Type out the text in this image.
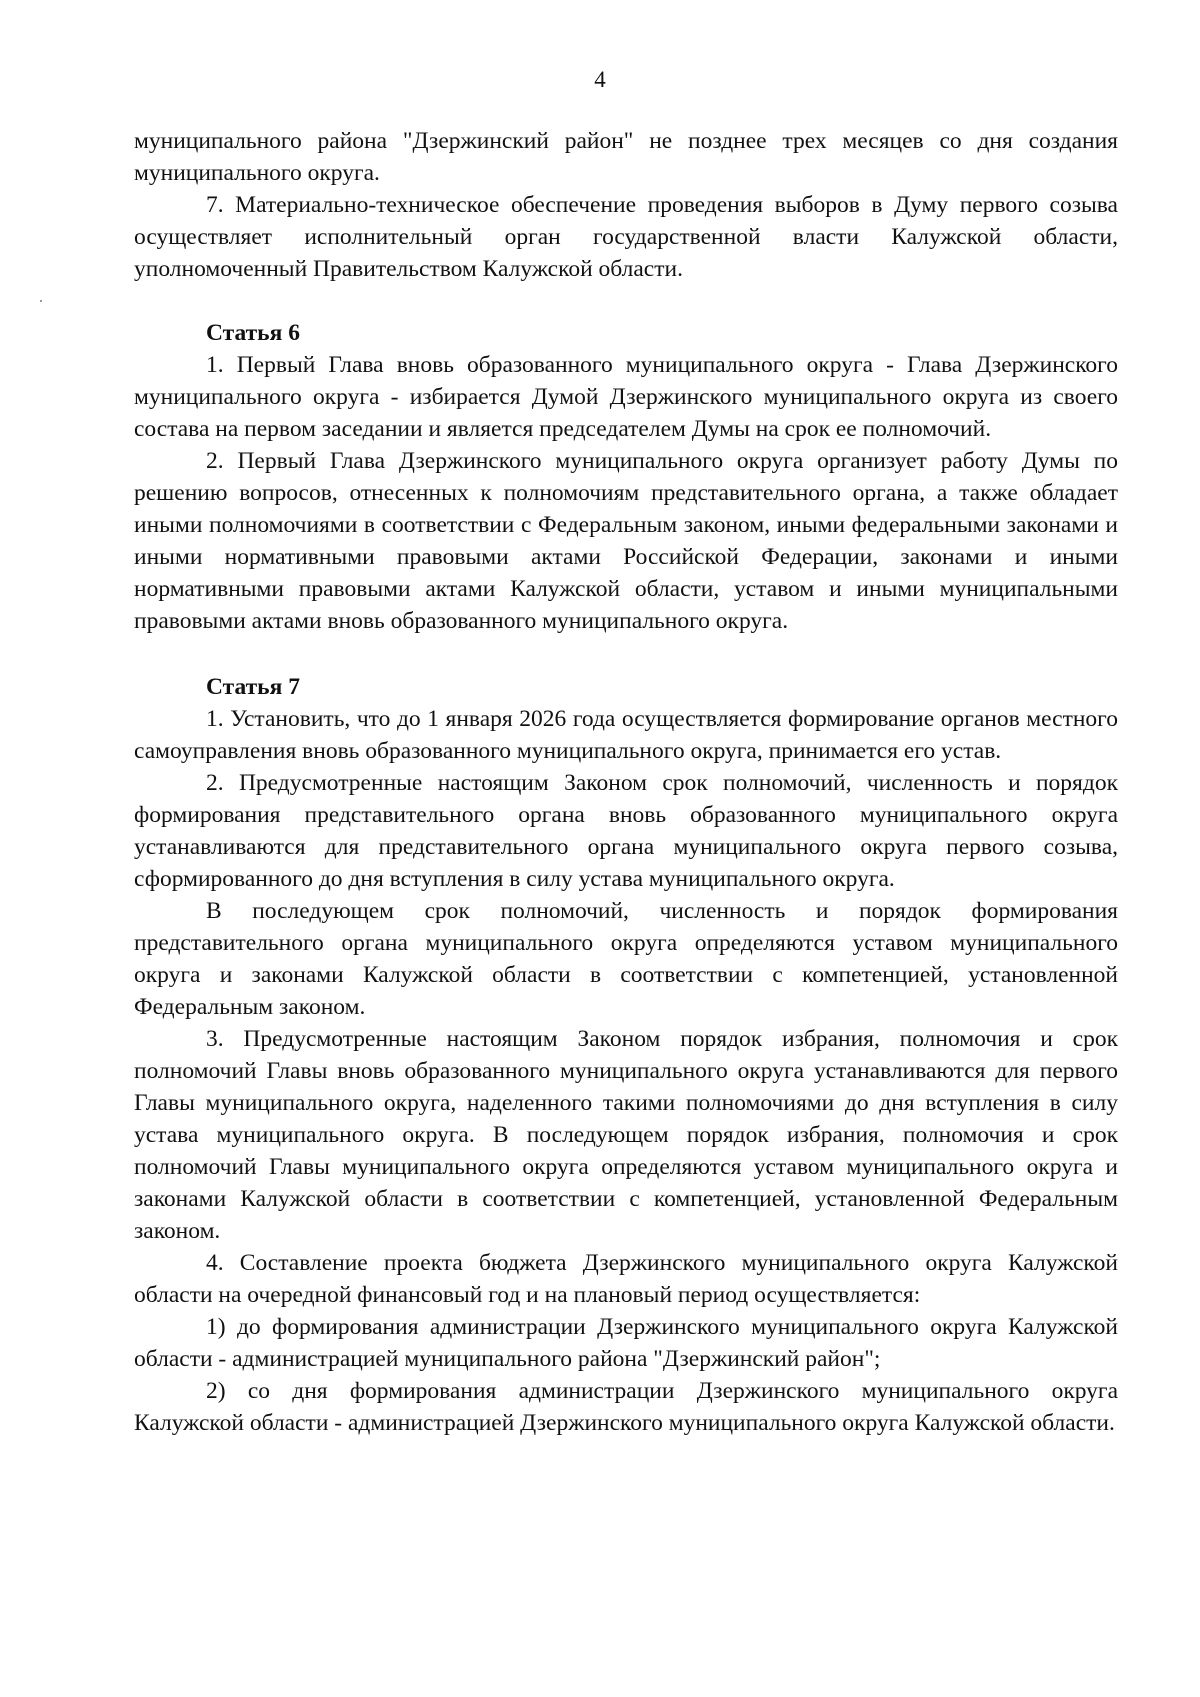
4

муниципального района "Дзержинский район" не позднее трех месяцев со дня создания муниципального округа.

7. Материально-техническое обеспечение проведения выборов в Думу первого созыва осуществляет исполнительный орган государственной власти Калужской области, уполномоченный Правительством Калужской области.

Статья 6

1. Первый Глава вновь образованного муниципального округа - Глава Дзержинского муниципального округа - избирается Думой Дзержинского муниципального округа из своего состава на первом заседании и является председателем Думы на срок ее полномочий.

2. Первый Глава Дзержинского муниципального округа организует работу Думы по решению вопросов, отнесенных к полномочиям представительного органа, а также обладает иными полномочиями в соответствии с Федеральным законом, иными федеральными законами и иными нормативными правовыми актами Российской Федерации, законами и иными нормативными правовыми актами Калужской области, уставом и иными муниципальными правовыми актами вновь образованного муниципального округа.

Статья 7

1. Установить, что до 1 января 2026 года осуществляется формирование органов местного самоуправления вновь образованного муниципального округа, принимается его устав.

2. Предусмотренные настоящим Законом срок полномочий, численность и порядок формирования представительного органа вновь образованного муниципального округа устанавливаются для представительного органа муниципального округа первого созыва, сформированного до дня вступления в силу устава муниципального округа.

В последующем срок полномочий, численность и порядок формирования представительного органа муниципального округа определяются уставом муниципального округа и законами Калужской области в соответствии с компетенцией, установленной Федеральным законом.

3. Предусмотренные настоящим Законом порядок избрания, полномочия и срок полномочий Главы вновь образованного муниципального округа устанавливаются для первого Главы муниципального округа, наделенного такими полномочиями до дня вступления в силу устава муниципального округа. В последующем порядок избрания, полномочия и срок полномочий Главы муниципального округа определяются уставом муниципального округа и законами Калужской области в соответствии с компетенцией, установленной Федеральным законом.

4. Составление проекта бюджета Дзержинского муниципального округа Калужской области на очередной финансовый год и на плановый период осуществляется:

1) до формирования администрации Дзержинского муниципального округа Калужской области - администрацией муниципального района "Дзержинский район";

2) со дня формирования администрации Дзержинского муниципального округа Калужской области - администрацией Дзержинского муниципального округа Калужской области.
